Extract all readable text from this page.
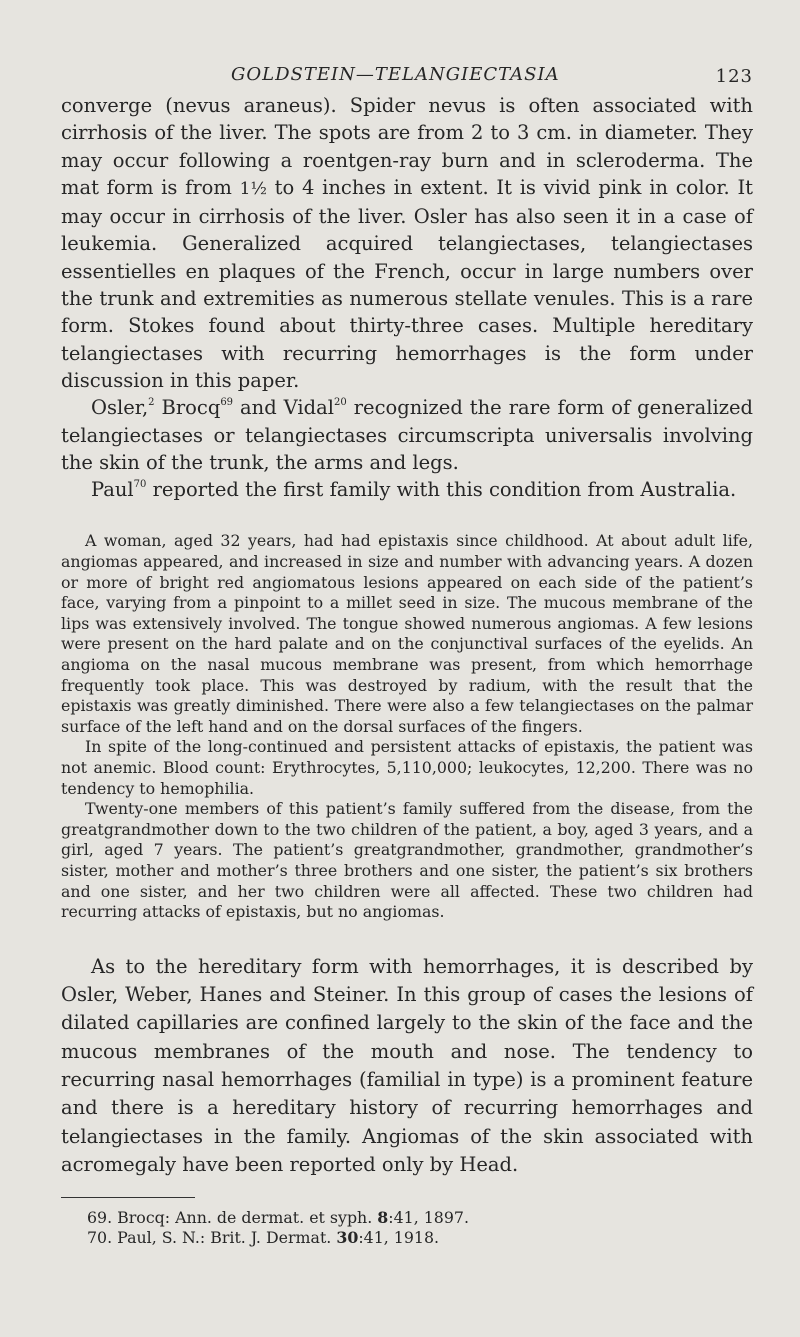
GOLDSTEIN—TELANGIECTASIA	123

converge (nevus araneus). Spider nevus is often associated with cirrhosis of the liver. The spots are from 2 to 3 cm. in diameter. They may occur following a roentgen-ray burn and in scleroderma. The mat form is from 1½ to 4 inches in extent. It is vivid pink in color. It may occur in cirrhosis of the liver. Osler has also seen it in a case of leukemia. Generalized acquired telangiectases, telangiectases essentielles en plaques of the French, occur in large numbers over the trunk and extremities as numerous stellate venules. This is a rare form. Stokes found about thirty-three cases. Multiple hereditary telangiectases with recurring hemorrhages is the form under discussion in this paper.

Osler,$^2$ Brocq$^{69}$ and Vidal$^{20}$ recognized the rare form of generalized telangiectases or telangiectases circumscripta universalis involving the skin of the trunk, the arms and legs.

Paul$^{70}$ reported the first family with this condition from Australia.

A woman, aged 32 years, had had epistaxis since childhood. At about adult life, angiomas appeared, and increased in size and number with advancing years. A dozen or more of bright red angiomatous lesions appeared on each side of the patient’s face, varying from a pinpoint to a millet seed in size. The mucous membrane of the lips was extensively involved. The tongue showed numerous angiomas. A few lesions were present on the hard palate and on the conjunctival surfaces of the eyelids. An angioma on the nasal mucous membrane was present, from which hemorrhage frequently took place. This was destroyed by radium, with the result that the epistaxis was greatly diminished. There were also a few telangiectases on the palmar surface of the left hand and on the dorsal surfaces of the fingers.

In spite of the long-continued and persistent attacks of epistaxis, the patient was not anemic. Blood count: Erythrocytes, 5,110,000; leukocytes, 12,200. There was no tendency to hemophilia.

Twenty-one members of this patient’s family suffered from the disease, from the greatgrandmother down to the two children of the patient, a boy, aged 3 years, and a girl, aged 7 years. The patient’s greatgrandmother, grandmother, grandmother’s sister, mother and mother’s three brothers and one sister, the patient’s six brothers and one sister, and her two children were all affected. These two children had recurring attacks of epistaxis, but no angiomas.

As to the hereditary form with hemorrhages, it is described by Osler, Weber, Hanes and Steiner. In this group of cases the lesions of dilated capillaries are confined largely to the skin of the face and the mucous membranes of the mouth and nose. The tendency to recurring nasal hemorrhages (familial in type) is a prominent feature and there is a hereditary history of recurring hemorrhages and telangiectases in the family. Angiomas of the skin associated with acromegaly have been reported only by Head.

69. Brocq: Ann. de dermat. et syph. 8:41, 1897.

70. Paul, S. N.: Brit. J. Dermat. 30:41, 1918.
